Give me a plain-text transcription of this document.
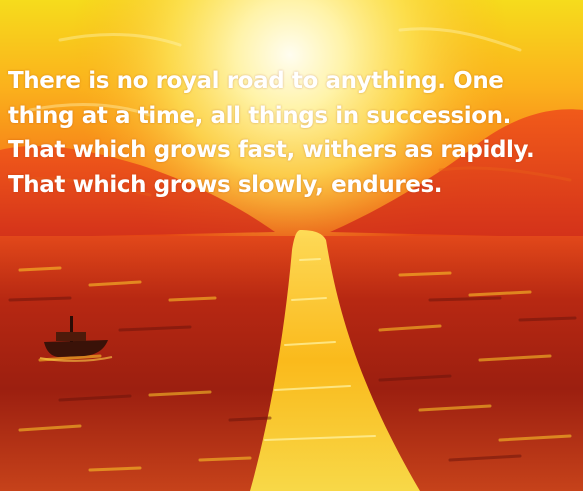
There is no royal road to anything. One
thing at a time, all things in succession.
That which grows fast, withers as rapidly.
That which grows slowly, endures.
